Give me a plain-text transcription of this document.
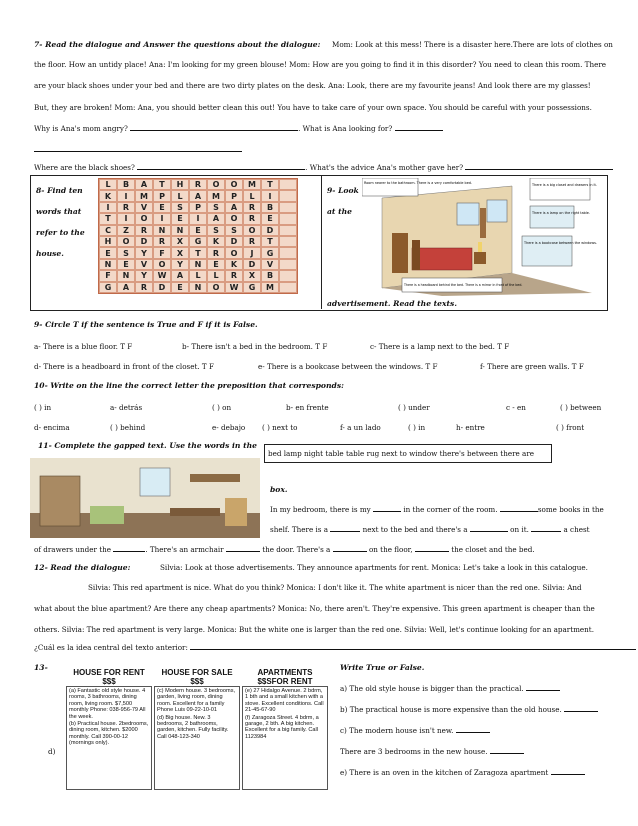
7- Read the dialogue and Answer the questions about the dialogue: Mom: Look at this mess! There is a disaster here.There are lots of clothes on
the floor. How an untidy place! Ana: I'm looking for my green blouse! Mom: How are you going to find it in this disorder? You need to clean this room. There
are your black shoes under your bed and there are two dirty plates on the desk. Ana: Look, there are my favourite jeans! And look there are my glasses!
But, they are broken! Mom: Ana, you should better clean this out! You have to take care of your own space. You should be careful with your possessions.
Why is Ana's mom angry?	. What is Ana looking for?
Where are the black shoes?	. What's the advice Ana's mother gave her?
8- Find ten
words that
refer to the
house.
L	B	A	T	H	R	O	O	M	T
K	I	M	P	L	A	M	P	L	I
I	R	V	E	S	P	S	A	R	B
T	I	O	I	E	I	A	O	R	E
C	Z	R	N	N	E	S	S	O	D
H	O	D	R	X	G	K	D	R	T
E	S	Y	F	X	T	R	O	J	G
N	E	V	O	Y	N	E	K	D	V
F	N	Y	W	A	L	L	R	X	B
G	A	R	D	E	N	O	W	G	M
9- Look
at the
advertisement. Read the texts.
Room nearer to the bathroom. There is a very comfortable bed.	There is a big closet and drawers in it.
There is a lamp on the right table.
There is a bookcase between the windows.
There is a headboard behind the bed. There is a mirror in front of the bed.
9- Circle T if the sentence is True and F if it is False.
a- There is a blue floor. T F	b- There isn't a bed in the bedroom. T F	c- There is a lamp next to the bed. T F
d- There is a headboard in front of the closet. T F	e- There is a bookcase between the windows. T F	f- There are green walls. T F
10- Write on the line the correct letter the preposition that corresponds:
( ) in	a- detrás	( ) on	b- en frente	( ) under	c - en	( ) between
d- encima	( ) behind	e- debajo ( ) next to	f- a un lado	( ) in	h- entre	( ) front
11- Complete the gapped text. Use the words in the
bed lamp night table table rug next to window there's between there are
box.
In my bedroom, there is my	in the corner of the room.	some books in the
shelf. There is a	next to the bed and there's a	on it.	a chest
of drawers under the	. There's an armchair	the door. There's a	on the floor,	the closet and the bed.
12- Read the dialogue:	Silvia: Look at those advertisements. They announce apartments for rent. Monica: Let's take a look in this catalogue.
Silvia: This red apartment is nice. What do you think? Monica: I don't like it. The white apartment is nicer than the red one. Silvia: And
what about the blue apartment? Are there any cheap apartments? Monica: No, there aren't. They're expensive. This green apartment is cheaper than the
others. Silvia: The red apartment is very large. Monica: But the white one is larger than the red one. Silvia: Well, let's continue looking for an apartment.
¿Cuál es la idea central del texto anterior:
13-
d)
HOUSE FOR RENT
$$$
(a) Fantastic old style house. 4 rooms, 3 bathrooms, dining room, living room. $7,500 monthly Phone: 038-956-79 All the week.
(b) Practical house. 2bedrooms, dining room, kitchen. $2000 monthly. Call 390-00-12 (mornings only).
HOUSE FOR SALE
$$$
(c) Modern house. 3 bedrooms, garden, living room, dining room. Excellent for a family Phone Luis 09-22-10-01
(d) Big house. New. 3 bedrooms, 2 bathrooms, garden, kitchen. Fully facility. Call 048-123-340
APARTMENTS
$$SFOR RENT
(e) 27 Hidalgo Avenue. 2 bdrm, 1 bth and a small kitchen with a stove. Excellent conditions. Call 21-45-67-90
(f) Zaragoza Street. 4 bdrm, a garage, 2 bth. A big kitchen. Excellent for a big family. Call 1123984
Write True or False.
a) The old style house is bigger than the practical.
b) The practical house is more expensive than the old house.
c) The modern house isn't new.
There are 3 bedrooms in the new house.
e) There is an oven in the kitchen of Zaragoza apartment
